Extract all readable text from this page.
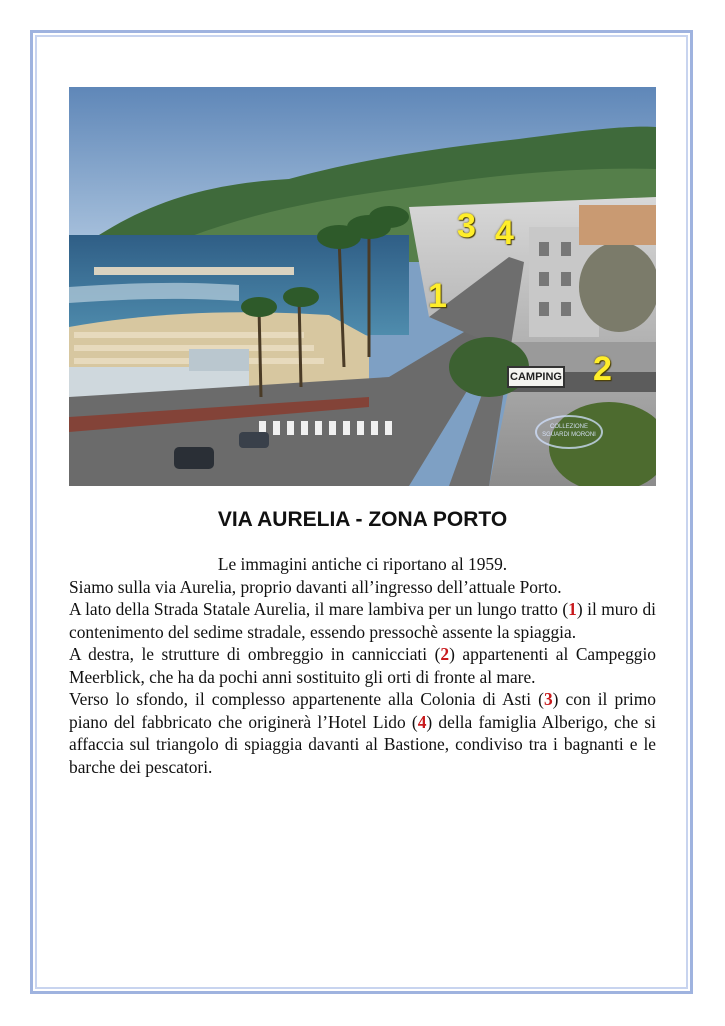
1
2
3 4
CAMPING
COLLEZIONE SGUARDI MORONI
VIA AURELIA - ZONA PORTO

Le immagini antiche ci riportano al 1959.

Siamo sulla via Aurelia, proprio davanti all’ingresso dell’attuale Porto.

A lato della Strada Statale Aurelia, il mare lambiva per un lungo tratto (1) il muro di contenimento del sedime stradale, essendo pressochè assente la spiaggia.

A destra, le strutture di ombreggio in cannicciati (2) appartenenti al Campeggio Meerblick, che ha da pochi anni sostituito gli orti di fronte al mare.

Verso lo sfondo, il complesso appartenente alla Colonia di Asti (3) con il primo piano del fabbricato che originerà l’Hotel Lido (4) della famiglia Alberigo, che si affaccia sul triangolo di spiaggia davanti al Bastione, condiviso tra i bagnanti e le barche dei pescatori.
